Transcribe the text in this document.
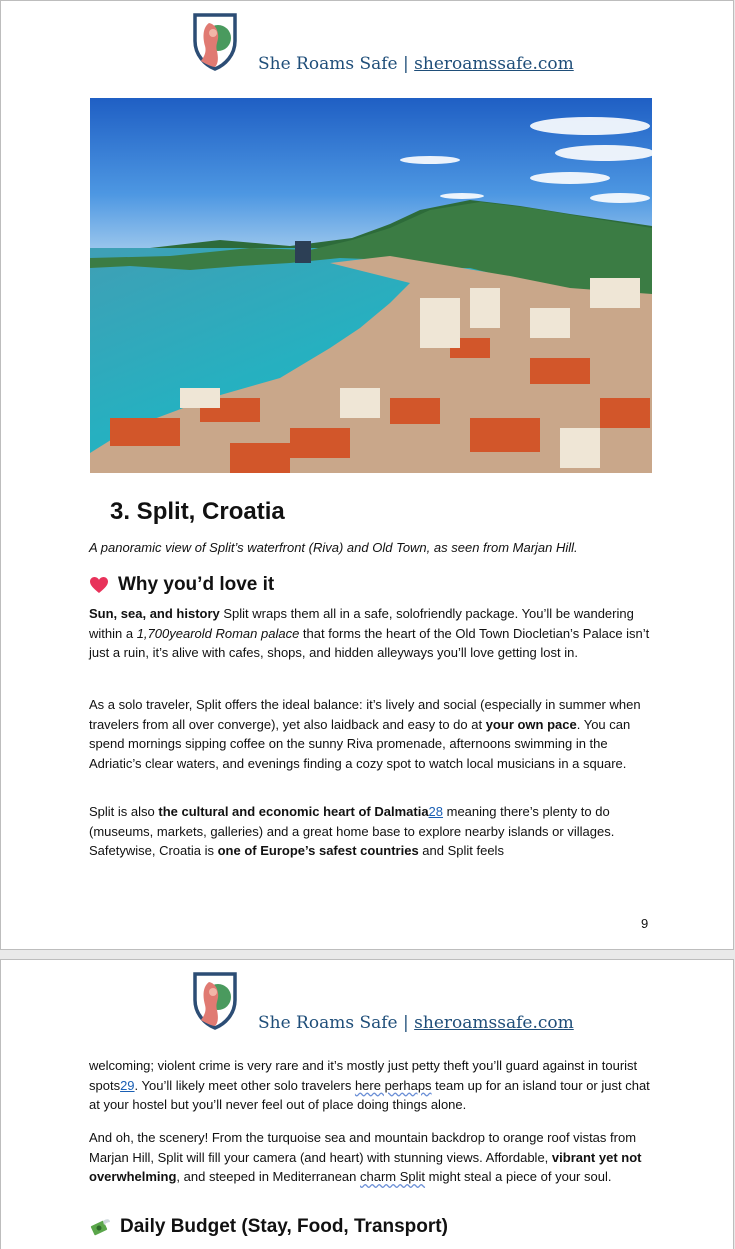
She Roams Safe | sheroamssafe.com
3. Split, Croatia

A panoramic view of Split’s waterfront (Riva) and Old Town, as seen from Marjan Hill.

Why you’d love it

Sun, sea, and history Split wraps them all in a safe, solofriendly package. You’ll be wandering within a 1,700yearold Roman palace that forms the heart of the Old Town Diocletian’s Palace isn’t just a ruin, it’s alive with cafes, shops, and hidden alleyways you’ll love getting lost in.

As a solo traveler, Split offers the ideal balance: it’s lively and social (especially in summer when travelers from all over converge), yet also laidback and easy to do at your own pace. You can spend mornings sipping coffee on the sunny Riva promenade, afternoons swimming in the Adriatic’s clear waters, and evenings finding a cozy spot to watch local musicians in a square.

Split is also the cultural and economic heart of Dalmatia28 meaning there’s plenty to do (museums, markets, galleries) and a great home base to explore nearby islands or villages. Safetywise, Croatia is one of Europe’s safest countries and Split feels

9
She Roams Safe | sheroamssafe.com

welcoming; violent crime is very rare and it’s mostly just petty theft you’ll guard against in tourist spots29. You’ll likely meet other solo travelers here perhaps team up for an island tour or just chat at your hostel but you’ll never feel out of place doing things alone.

And oh, the scenery! From the turquoise sea and mountain backdrop to orange roof vistas from Marjan Hill, Split will fill your camera (and heart) with stunning views. Affordable, vibrant yet not overwhelming, and steeped in Mediterranean charm Split might steal a piece of your soul.

Daily Budget (Stay, Food, Transport)
